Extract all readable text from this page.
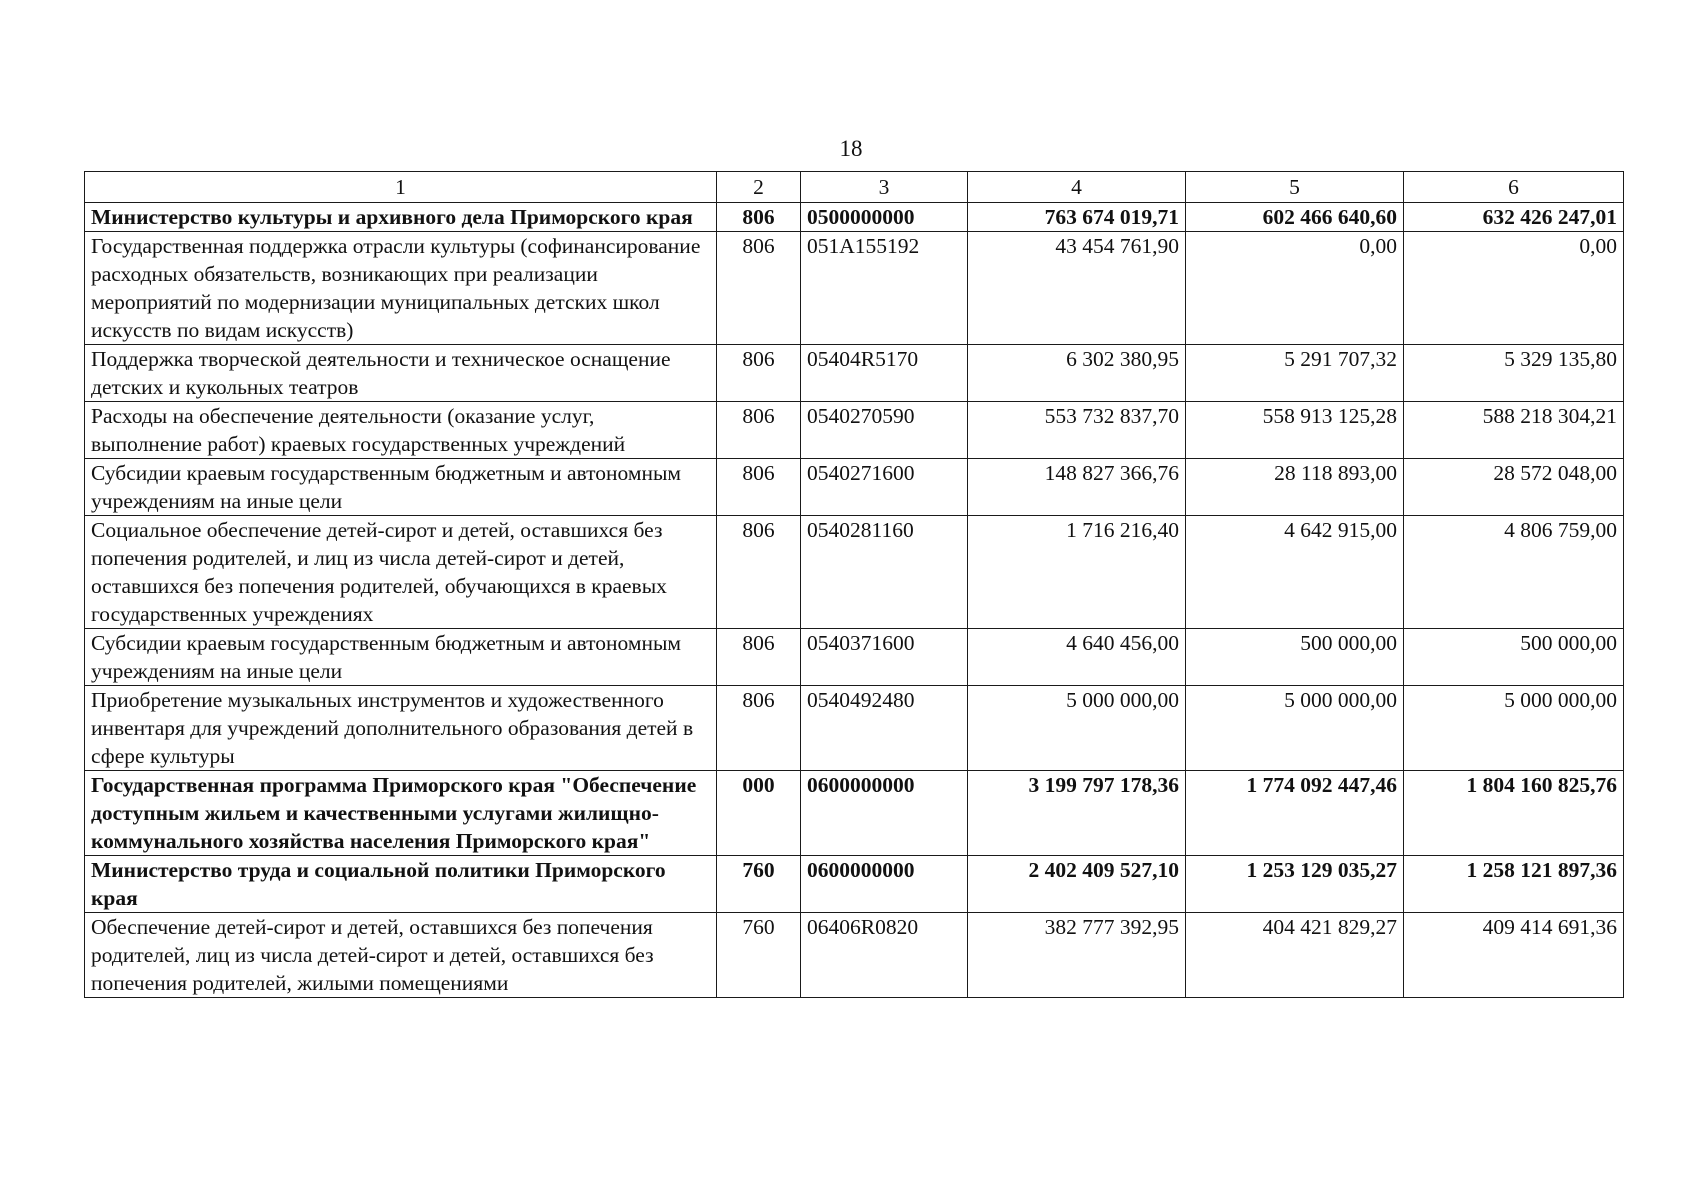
18
1	2	3	4	5	6
Министерство культуры и архивного дела Приморского края	806	0500000000	763 674 019,71	602 466 640,60	632 426 247,01
Государственная поддержка отрасли культуры (софинансирование расходных обязательств, возникающих при реализации мероприятий по модернизации муниципальных детских школ искусств по видам искусств)	806	051A155192	43 454 761,90	0,00	0,00
Поддержка творческой деятельности и техническое оснащение детских и кукольных театров	806	05404R5170	6 302 380,95	5 291 707,32	5 329 135,80
Расходы на обеспечение деятельности (оказание услуг, выполнение работ) краевых государственных учреждений	806	0540270590	553 732 837,70	558 913 125,28	588 218 304,21
Субсидии краевым государственным бюджетным и автономным учреждениям на иные цели	806	0540271600	148 827 366,76	28 118 893,00	28 572 048,00
Социальное обеспечение детей-сирот и детей, оставшихся без попечения родителей, и лиц из числа детей-сирот и детей, оставшихся без попечения родителей, обучающихся в краевых государственных учреждениях	806	0540281160	1 716 216,40	4 642 915,00	4 806 759,00
Субсидии краевым государственным бюджетным и автономным учреждениям на иные цели	806	0540371600	4 640 456,00	500 000,00	500 000,00
Приобретение музыкальных инструментов и художественного инвентаря для учреждений дополнительного образования детей в сфере культуры	806	0540492480	5 000 000,00	5 000 000,00	5 000 000,00
Государственная программа Приморского края "Обеспечение доступным жильем и качественными услугами жилищно-коммунального хозяйства населения Приморского края"	000	0600000000	3 199 797 178,36	1 774 092 447,46	1 804 160 825,76
Министерство труда и социальной политики Приморского края	760	0600000000	2 402 409 527,10	1 253 129 035,27	1 258 121 897,36
Обеспечение детей-сирот и детей, оставшихся без попечения родителей, лиц из числа детей-сирот и детей, оставшихся без попечения родителей, жилыми помещениями	760	06406R0820	382 777 392,95	404 421 829,27	409 414 691,36
